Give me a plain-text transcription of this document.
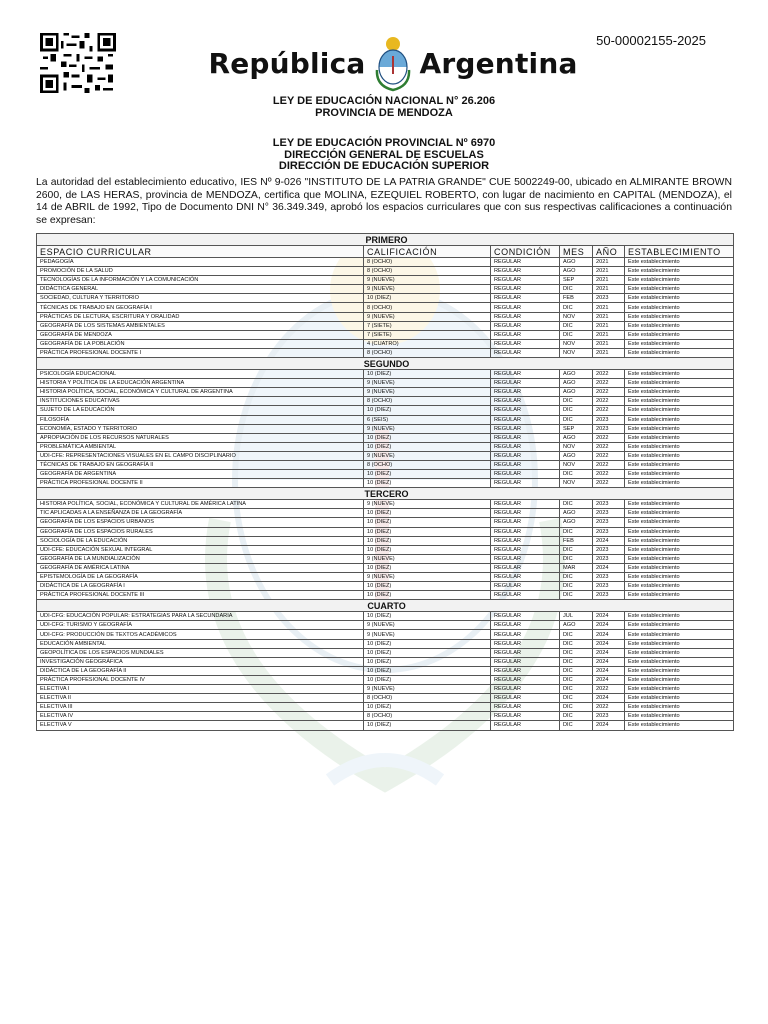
50-00002155-2025
República Argentina
LEY DE EDUCACIÓN NACIONAL N° 26.206
PROVINCIA DE MENDOZA
LEY DE EDUCACIÓN PROVINCIAL Nº 6970
DIRECCIÓN GENERAL DE ESCUELAS
DIRECCIÓN DE EDUCACIÓN SUPERIOR
La autoridad del establecimiento educativo, IES Nº 9-026 "INSTITUTO DE LA PATRIA GRANDE" CUE 5002249-00, ubicado en ALMIRANTE BROWN 2600, de LAS HERAS, provincia de MENDOZA, certifica que MOLINA, EZEQUIEL ROBERTO, con lugar de nacimiento en CAPITAL (MENDOZA), el 14 de ABRIL de 1992, Tipo de Documento DNI N° 36.349.349, aprobó los espacios curriculares que con sus respectivas calificaciones a continuación se expresan:
PRIMERO					
ESPACIO CURRICULAR	CALIFICACIÓN	CONDICIÓN	MES	AÑO	ESTABLECIMIENTO
PEDAGOGÍA	8 (OCHO)	REGULAR	AGO	2021	Este establecimiento
PROMOCIÓN DE LA SALUD	8 (OCHO)	REGULAR	AGO	2021	Este establecimiento
TECNOLOGÍAS DE LA INFORMACIÓN Y LA COMUNICACIÓN	9 (NUEVE)	REGULAR	SEP	2021	Este establecimiento
DIDÁCTICA GENERAL	9 (NUEVE)	REGULAR	DIC	2021	Este establecimiento
SOCIEDAD, CULTURA Y TERRITORIO	10 (DIEZ)	REGULAR	FEB	2023	Este establecimiento
TÉCNICAS DE TRABAJO EN GEOGRAFÍA I	8 (OCHO)	REGULAR	DIC	2021	Este establecimiento
PRÁCTICAS DE LECTURA, ESCRITURA Y ORALIDAD	9 (NUEVE)	REGULAR	NOV	2021	Este establecimiento
GEOGRAFÍA DE LOS SISTEMAS AMBIENTALES	7 (SIETE)	REGULAR	DIC	2021	Este establecimiento
GEOGRAFÍA DE MENDOZA	7 (SIETE)	REGULAR	DIC	2021	Este establecimiento
GEOGRAFÍA DE LA POBLACIÓN	4 (CUATRO)	REGULAR	NOV	2021	Este establecimiento
PRÁCTICA PROFESIONAL DOCENTE I	8 (OCHO)	REGULAR	NOV	2021	Este establecimiento
SEGUNDO					
PSICOLOGÍA EDUCACIONAL	10 (DIEZ)	REGULAR	AGO	2022	Este establecimiento
HISTORIA Y POLÍTICA DE LA EDUCACIÓN ARGENTINA	9 (NUEVE)	REGULAR	AGO	2022	Este establecimiento
HISTORIA POLÍTICA, SOCIAL, ECONÓMICA Y CULTURAL DE ARGENTINA	9 (NUEVE)	REGULAR	AGO	2022	Este establecimiento
INSTITUCIONES EDUCATIVAS	8 (OCHO)	REGULAR	DIC	2022	Este establecimiento
SUJETO DE LA EDUCACIÓN	10 (DIEZ)	REGULAR	DIC	2022	Este establecimiento
FILOSOFÍA	6 (SEIS)	REGULAR	DIC	2023	Este establecimiento
ECONOMÍA, ESTADO Y TERRITORIO	9 (NUEVE)	REGULAR	SEP	2023	Este establecimiento
APROPIACIÓN DE LOS RECURSOS NATURALES	10 (DIEZ)	REGULAR	AGO	2022	Este establecimiento
PROBLEMÁTICA AMBIENTAL	10 (DIEZ)	REGULAR	NOV	2022	Este establecimiento
UDI-CFE: REPRESENTACIONES VISUALES EN EL CAMPO DISCIPLINARIO	9 (NUEVE)	REGULAR	AGO	2022	Este establecimiento
TÉCNICAS DE TRABAJO EN GEOGRAFÍA II	8 (OCHO)	REGULAR	NOV	2022	Este establecimiento
GEOGRAFÍA DE ARGENTINA	10 (DIEZ)	REGULAR	DIC	2022	Este establecimiento
PRÁCTICA PROFESIONAL DOCENTE II	10 (DIEZ)	REGULAR	NOV	2022	Este establecimiento
TERCERO					
HISTORIA POLÍTICA, SOCIAL, ECONÓMICA Y CULTURAL DE AMÉRICA LATINA	9 (NUEVE)	REGULAR	DIC	2023	Este establecimiento
TIC APLICADAS A LA ENSEÑANZA DE LA GEOGRAFÍA	10 (DIEZ)	REGULAR	AGO	2023	Este establecimiento
GEOGRAFÍA DE LOS ESPACIOS URBANOS	10 (DIEZ)	REGULAR	AGO	2023	Este establecimiento
GEOGRAFÍA DE LOS ESPACIOS RURALES	10 (DIEZ)	REGULAR	DIC	2023	Este establecimiento
SOCIOLOGÍA DE LA EDUCACIÓN	10 (DIEZ)	REGULAR	FEB	2024	Este establecimiento
UDI-CFE: EDUCACIÓN SEXUAL INTEGRAL	10 (DIEZ)	REGULAR	DIC	2023	Este establecimiento
GEOGRAFÍA DE LA MUNDIALIZACIÓN	9 (NUEVE)	REGULAR	DIC	2023	Este establecimiento
GEOGRAFÍA DE AMÉRICA LATINA	10 (DIEZ)	REGULAR	MAR	2024	Este establecimiento
EPISTEMOLOGÍA DE LA GEOGRAFÍA	9 (NUEVE)	REGULAR	DIC	2023	Este establecimiento
DIDÁCTICA DE LA GEOGRAFÍA I	10 (DIEZ)	REGULAR	DIC	2023	Este establecimiento
PRÁCTICA PROFESIONAL DOCENTE III	10 (DIEZ)	REGULAR	DIC	2023	Este establecimiento
CUARTO					
UDI-CFG: EDUCACIÓN POPULAR: ESTRATEGIAS PARA LA SECUNDARIA	10 (DIEZ)	REGULAR	JUL	2024	Este establecimiento
UDI-CFG: TURISMO Y GEOGRAFÍA	9 (NUEVE)	REGULAR	AGO	2024	Este establecimiento
UDI-CFG: PRODUCCIÓN DE TEXTOS ACADÉMICOS	9 (NUEVE)	REGULAR	DIC	2024	Este establecimiento
EDUCACIÓN AMBIENTAL	10 (DIEZ)	REGULAR	DIC	2024	Este establecimiento
GEOPOLÍTICA DE LOS ESPACIOS MUNDIALES	10 (DIEZ)	REGULAR	DIC	2024	Este establecimiento
INVESTIGACIÓN GEOGRÁFICA	10 (DIEZ)	REGULAR	DIC	2024	Este establecimiento
DIDÁCTICA DE LA GEOGRAFÍA II	10 (DIEZ)	REGULAR	DIC	2024	Este establecimiento
PRÁCTICA PROFESIONAL DOCENTE IV	10 (DIEZ)	REGULAR	DIC	2024	Este establecimiento
ELECTIVA I	9 (NUEVE)	REGULAR	DIC	2022	Este establecimiento
ELECTIVA II	8 (OCHO)	REGULAR	DIC	2024	Este establecimiento
ELECTIVA III	10 (DIEZ)	REGULAR	DIC	2022	Este establecimiento
ELECTIVA IV	8 (OCHO)	REGULAR	DIC	2023	Este establecimiento
ELECTIVA V	10 (DIEZ)	REGULAR	DIC	2024	Este establecimiento
